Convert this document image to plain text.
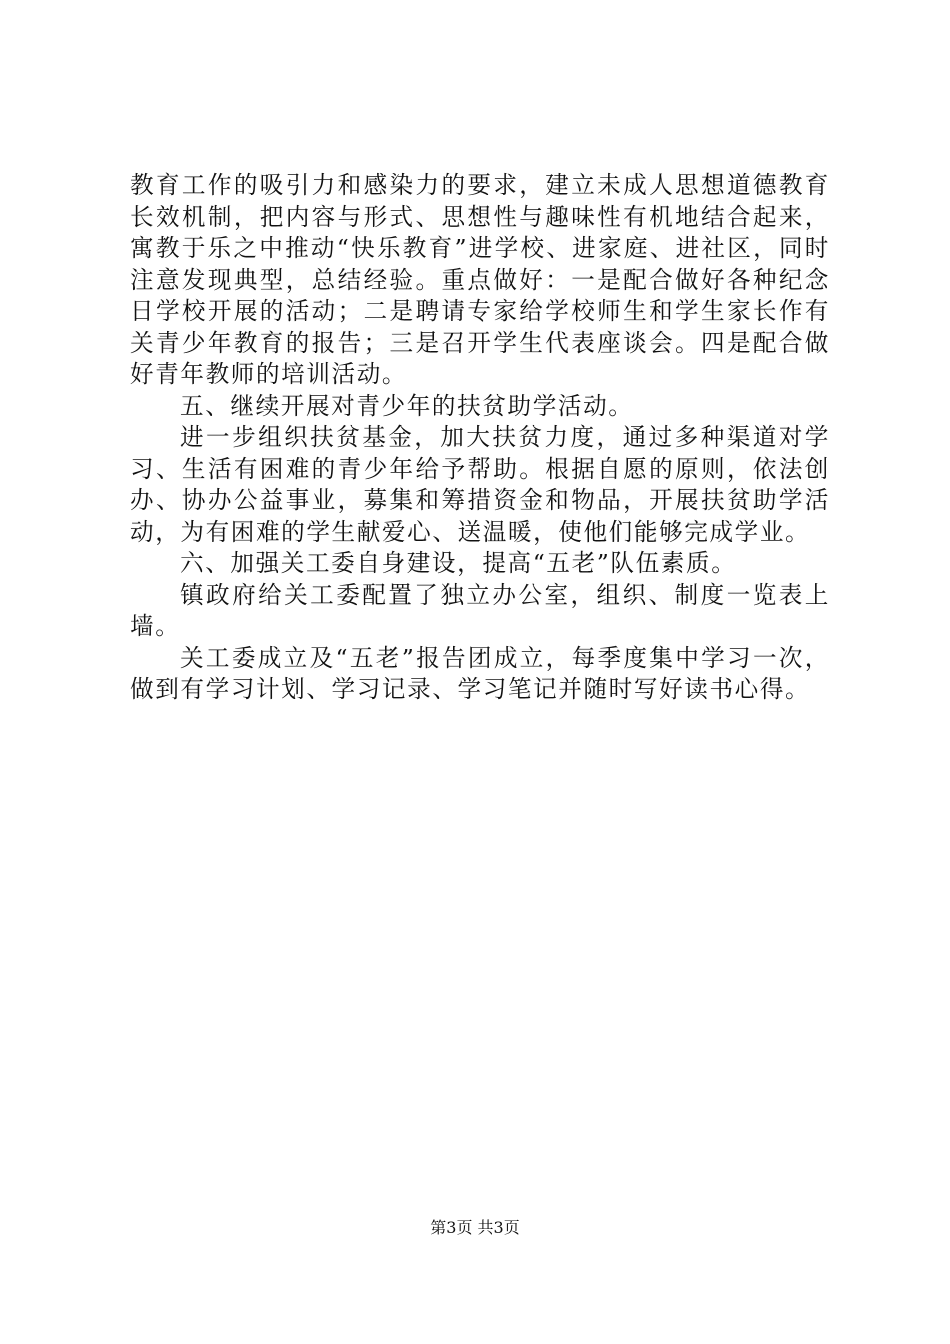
教育工作的吸引力和感染力的要求，建立未成人思想道德教育长效机制，把内容与形式、思想性与趣味性有机地结合起来，寓教于乐之中推动“快乐教育”进学校、进家庭、进社区，同时注意发现典型，总结经验。重点做好：一是配合做好各种纪念日学校开展的活动；二是聘请专家给学校师生和学生家长作有关青少年教育的报告；三是召开学生代表座谈会。四是配合做好青年教师的培训活动。

五、继续开展对青少年的扶贫助学活动。

进一步组织扶贫基金，加大扶贫力度，通过多种渠道对学习、生活有困难的青少年给予帮助。根据自愿的原则，依法创办、协办公益事业，募集和筹措资金和物品，开展扶贫助学活动，为有困难的学生献爱心、送温暖，使他们能够完成学业。

六、加强关工委自身建设，提高“五老”队伍素质。

镇政府给关工委配置了独立办公室，组织、制度一览表上墙。

关工委成立及“五老”报告团成立，每季度集中学习一次，做到有学习计划、学习记录、学习笔记并随时写好读书心得。

第3页 共3页
